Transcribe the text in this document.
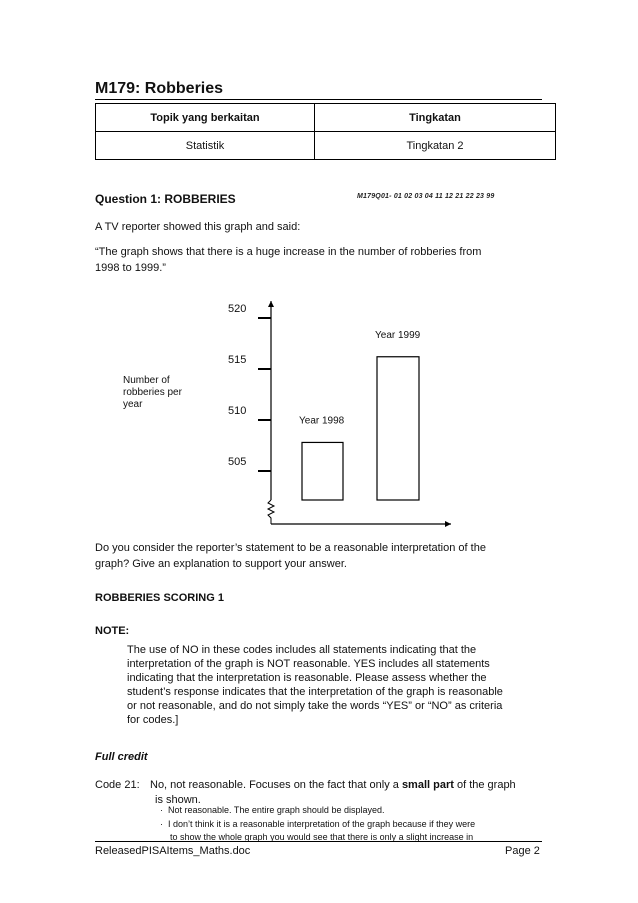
M179: Robberies
Topik yang berkaitan	Tingkatan
Statistik	Tingkatan 2
Question 1: ROBBERIES	M179Q01- 01 02 03 04 11 12 21 22 23 99
A TV reporter showed this graph and said:
“The graph shows that there is a huge increase in the number of robberies from
1998 to 1999.”
505
510
515
520
Number of
robberies per
year
Year 1998
Year 1999
Do you consider the reporter’s statement to be a reasonable interpretation of the
graph? Give an explanation to support your answer.
ROBBERIES SCORING 1
NOTE:
The use of NO in these codes includes all statements indicating that the
interpretation of the graph is NOT reasonable. YES includes all statements
indicating that the interpretation is reasonable. Please assess whether the
student’s response indicates that the interpretation of the graph is reasonable
or not reasonable, and do not simply take the words “YES” or “NO” as criteria
for codes.]
Full credit
Code 21: No, not reasonable. Focuses on the fact that only a small part of the graph
is shown.
·  Not reasonable. The entire graph should be displayed.
·  I don’t think it is a reasonable interpretation of the graph because if they were
to show the whole graph you would see that there is only a slight increase in
ReleasedPISAItems_Maths.doc	Page 2
